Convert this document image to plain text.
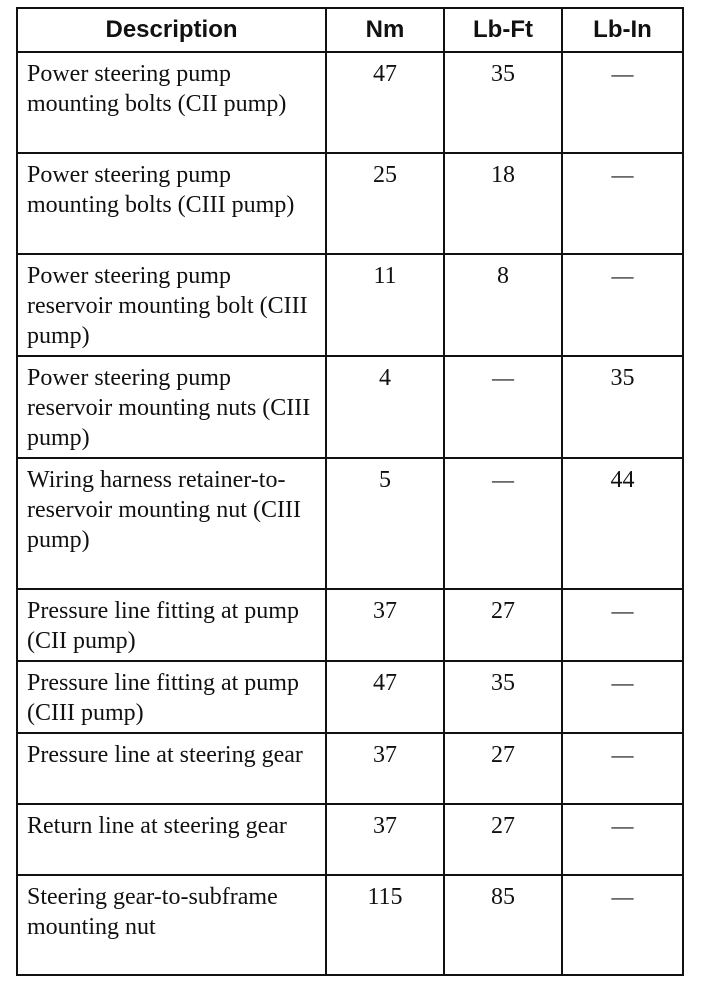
Description	Nm	Lb-Ft	Lb-In
Power steering pump mounting bolts (CII pump)	47	35	—
Power steering pump mounting bolts (CIII pump)	25	18	—
Power steering pump reservoir mounting bolt (CIII pump)	11	8	—
Power steering pump reservoir mounting nuts (CIII pump)	4	—	35
Wiring harness retainer-to-reservoir mounting nut (CIII pump)	5	—	44
Pressure line fitting at pump (CII pump)	37	27	—
Pressure line fitting at pump (CIII pump)	47	35	—
Pressure line at steering gear	37	27	—
Return line at steering gear	37	27	—
Steering gear-to-subframe mounting nut	115	85	—
